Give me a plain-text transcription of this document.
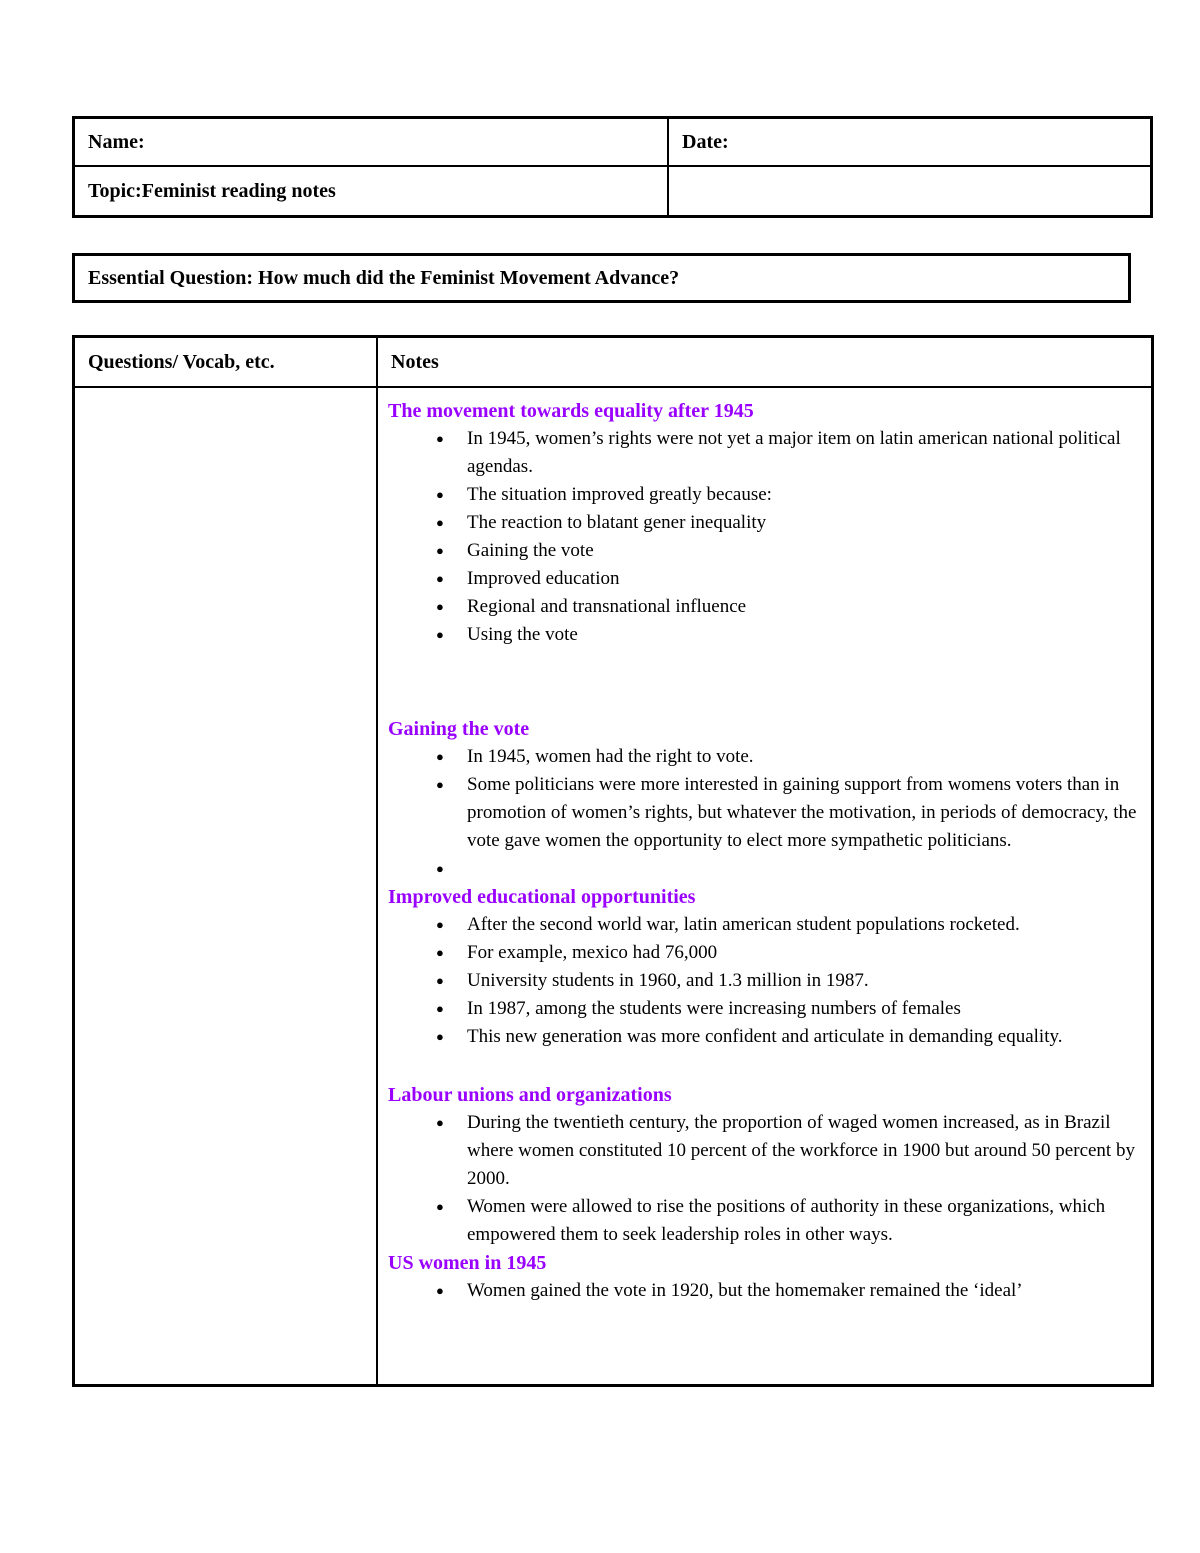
Name:	Date:
Topic:Feminist reading notes
Essential Question: How much did the Feminist Movement Advance?
Questions/ Vocab, etc.	Notes
The movement towards equality after 1945
●	In 1945, women’s rights were not yet a major item on latin american national political agendas.
●	The situation improved greatly because:
●	The reaction to blatant gener inequality
●	Gaining the vote
●	Improved education
●	Regional and transnational influence
●	Using the vote
Gaining the vote
●	In 1945, women had the right to vote.
●	Some politicians were more interested in gaining support from womens voters than in promotion of women’s rights, but whatever the motivation, in periods of democracy, the vote gave women the opportunity to elect more sympathetic politicians.
●
Improved educational opportunities
●	After the second world war, latin american student populations rocketed.
●	For example, mexico had 76,000
●	University students in 1960, and 1.3 million in 1987.
●	In 1987, among the students were increasing numbers of females
●	This new generation was more confident and articulate in demanding equality.
Labour unions and organizations
●	During the twentieth century, the proportion of waged women increased, as in Brazil where women constituted 10 percent of the workforce in 1900 but around 50 percent by 2000.
●	Women were allowed to rise the positions of authority in these organizations, which empowered them to seek leadership roles in other ways.
US women in 1945
●	Women gained the vote in 1920, but the homemaker remained the ‘ideal’
